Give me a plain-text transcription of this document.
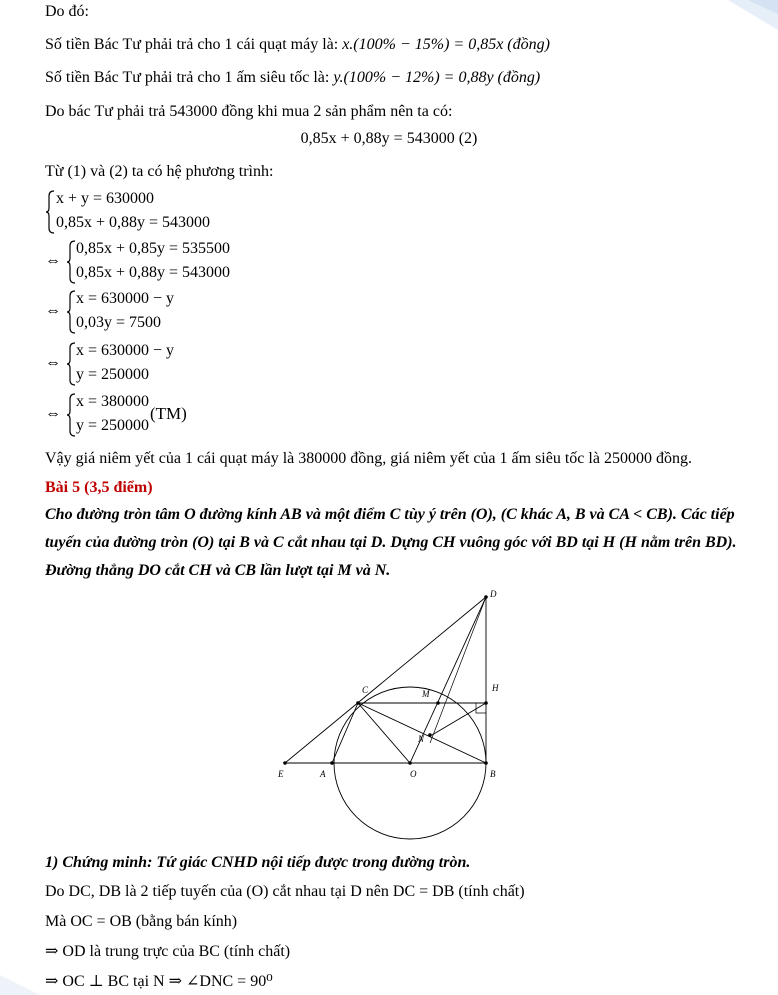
Do đó:
Số tiền Bác Tư phải trả cho 1 cái quạt máy là: x.(100% − 15%) = 0,85x (đồng)
Số tiền Bác Tư phải trả cho 1 ấm siêu tốc là: y.(100% − 12%) = 0,88y (đồng)
Do bác Tư phải trả 543000 đồng khi mua 2 sản phẩm nên ta có:
0,85x + 0,88y = 543000 (2)
Từ (1) và (2) ta có hệ phương trình:
x + y = 630000
0,85x + 0,88y = 543000
⇔
0,85x + 0,85y = 535500
0,85x + 0,88y = 543000
⇔
x = 630000 − y
0,03y = 7500
⇔
x = 630000 − y
y = 250000
⇔
x = 380000
y = 250000
(TM)
Vậy giá niêm yết của 1 cái quạt máy là 380000 đồng, giá niêm yết của 1 ấm siêu tốc là 250000 đồng.
Bài 5 (3,5 điểm)
Cho đường tròn tâm O đường kính AB và một điểm C tùy ý trên (O), (C khác A, B và CA < CB). Các tiếp
tuyến của đường tròn (O) tại B và C cắt nhau tại D. Dựng CH vuông góc với BD tại H (H nằm trên BD).
Đường thẳng DO cắt CH và CB lần lượt tại M và N.
D
H
C	M
N
E	A	O	B
1) Chứng minh: Tứ giác CNHD nội tiếp được trong đường tròn.
Do DC, DB là 2 tiếp tuyến của (O) cắt nhau tại D nên DC = DB (tính chất)
Mà OC = OB (bằng bán kính)
⇒ OD là trung trực của BC (tính chất)
⇒ OC ⊥ BC tại N ⇒ ∠DNC = 90⁰
